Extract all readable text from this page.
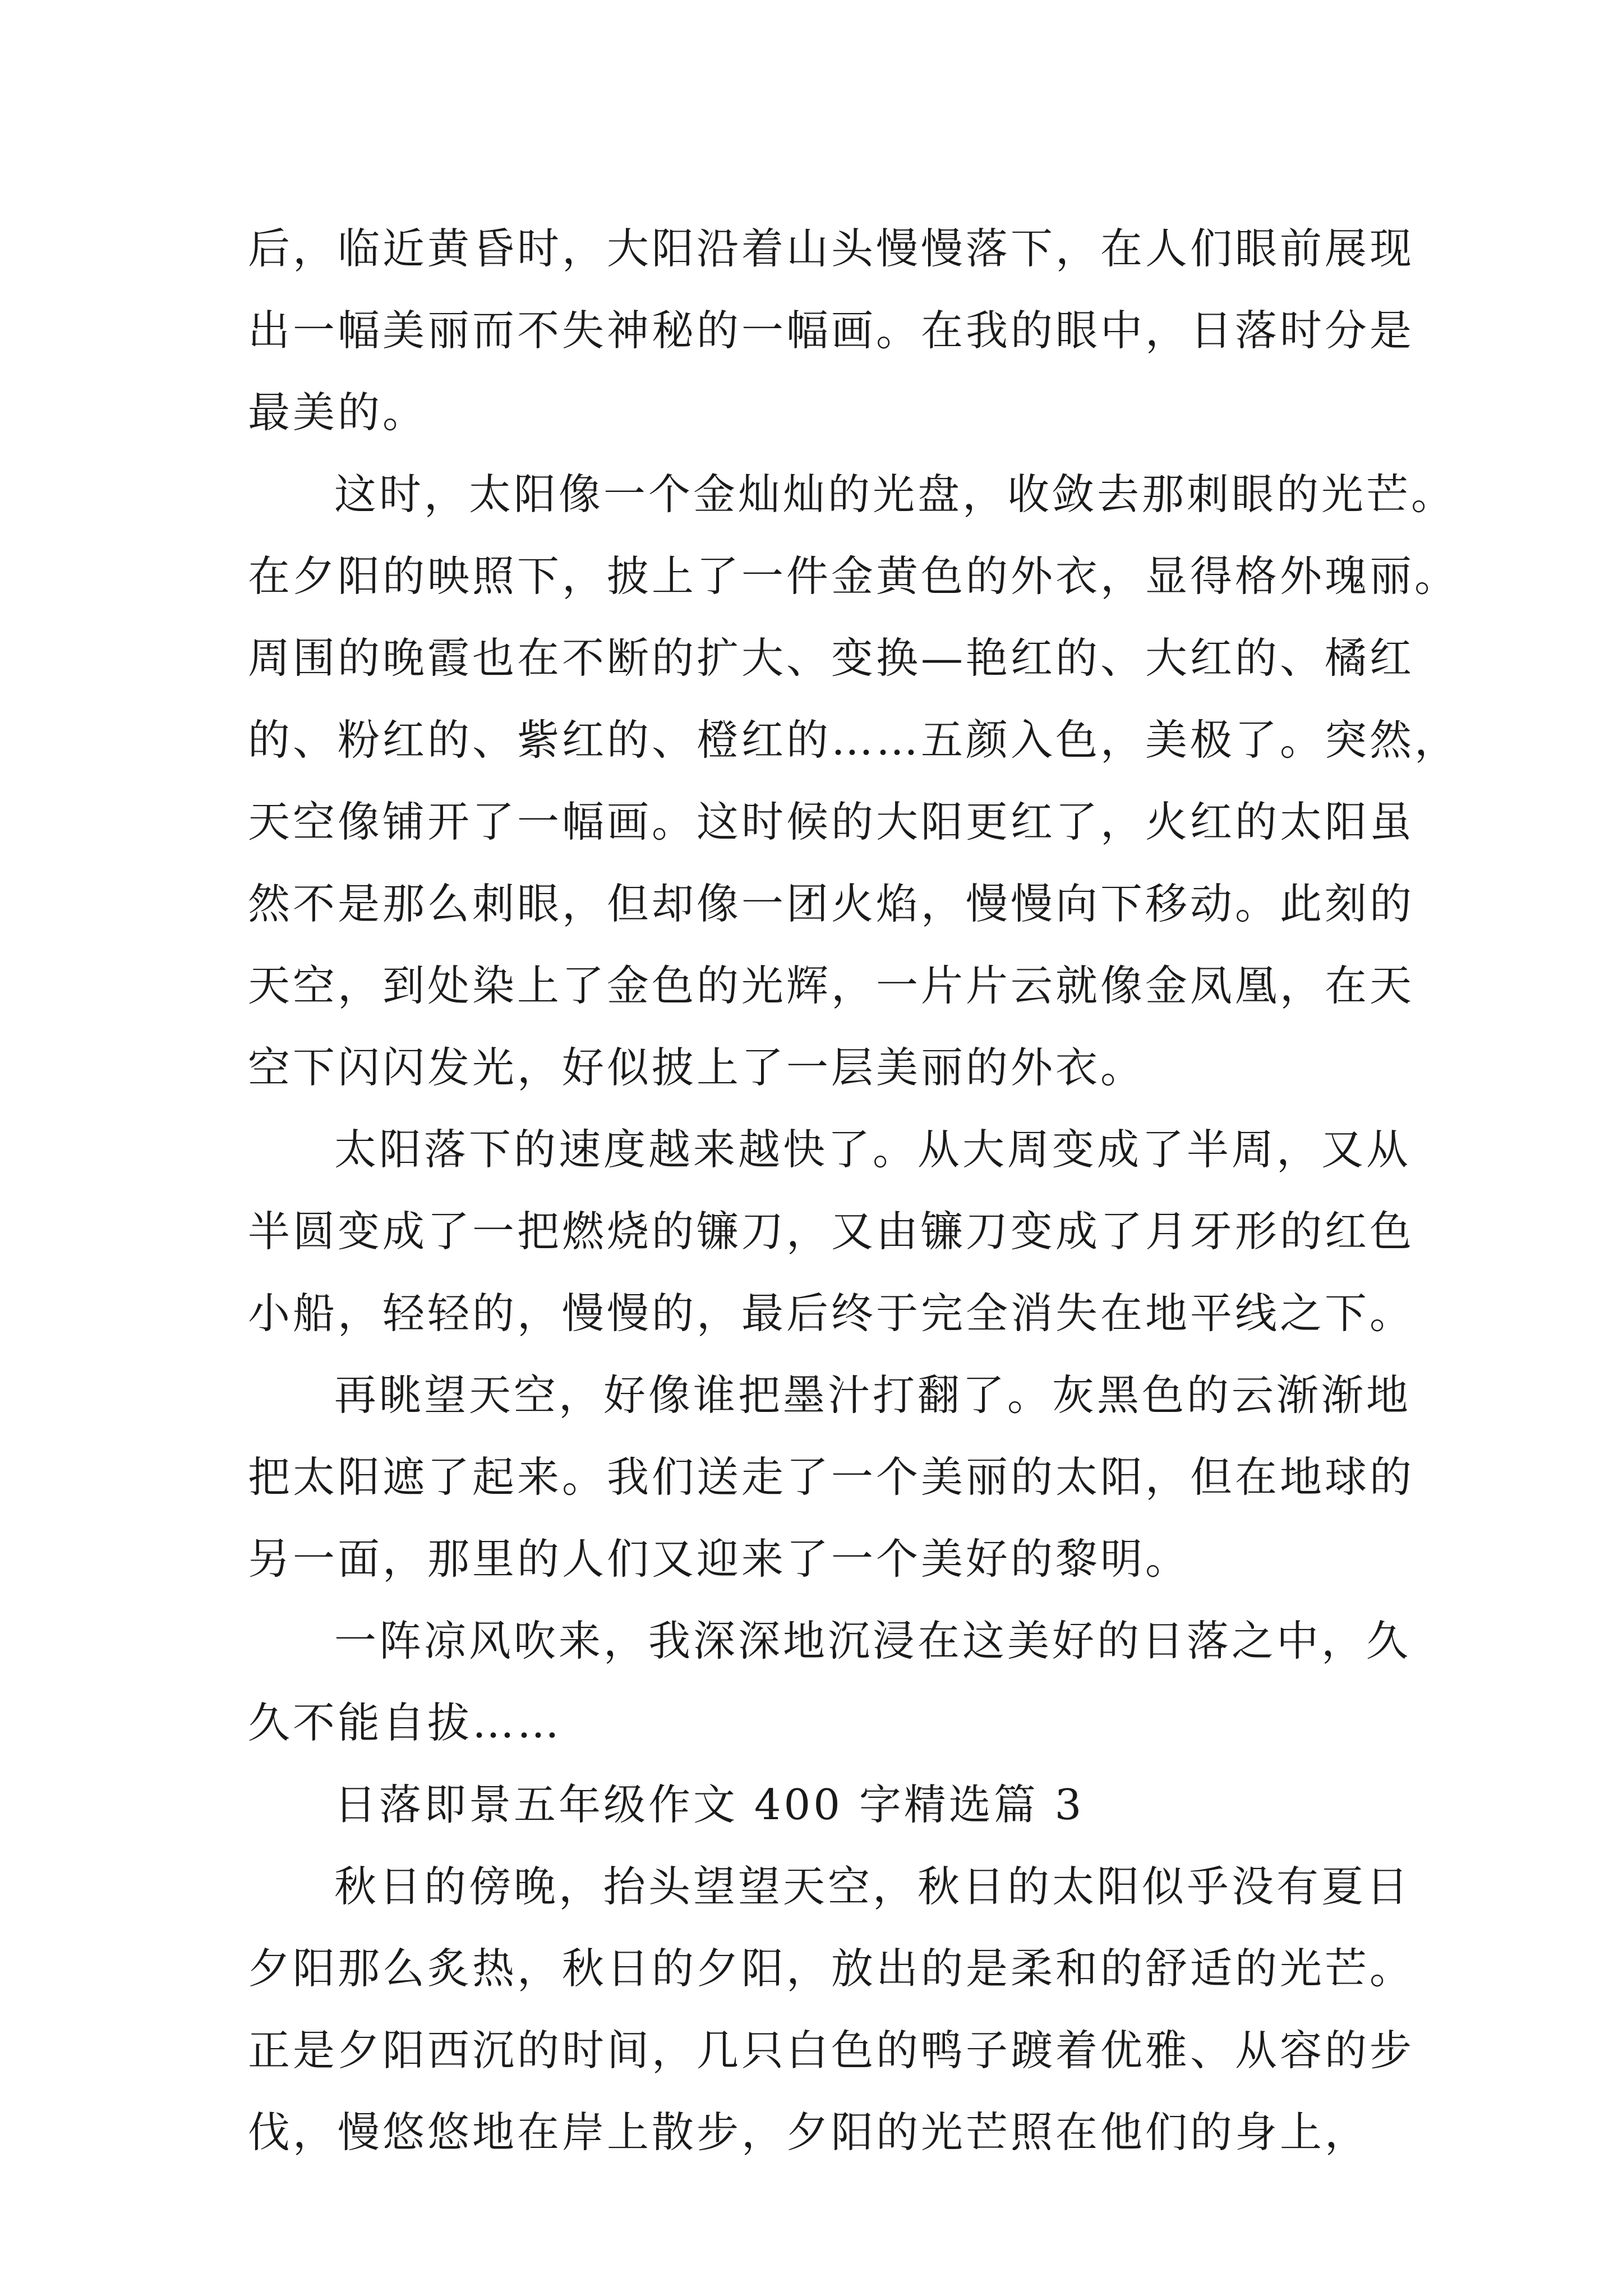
后，临近黄昏时，大阳沿着山头慢慢落下，在人们眼前展现
出一幅美丽而不失神秘的一幅画。在我的眼中，日落时分是
最美的。
这时，太阳像一个金灿灿的光盘，收敛去那刺眼的光芒。
在夕阳的映照下，披上了一件金黄色的外衣，显得格外瑰丽。
周围的晚霞也在不断的扩大、变换—艳红的、大红的、橘红
的、粉红的、紫红的、橙红的……五颜入色，美极了。突然，
天空像铺开了一幅画。这时候的大阳更红了，火红的太阳虽
然不是那么刺眼，但却像一团火焰，慢慢向下移动。此刻的
天空，到处染上了金色的光辉，一片片云就像金凤凰，在天
空下闪闪发光，好似披上了一层美丽的外衣。
太阳落下的速度越来越快了。从大周变成了半周，又从
半圆变成了一把燃烧的镰刀，又由镰刀变成了月牙形的红色
小船，轻轻的，慢慢的，最后终于完全消失在地平线之下。
再眺望天空，好像谁把墨汁打翻了。灰黑色的云渐渐地
把太阳遮了起来。我们送走了一个美丽的太阳，但在地球的
另一面，那里的人们又迎来了一个美好的黎明。
一阵凉风吹来，我深深地沉浸在这美好的日落之中，久
久不能自拔……
日落即景五年级作文 400 字精选篇 3
秋日的傍晚，抬头望望天空，秋日的太阳似乎没有夏日
夕阳那么炙热，秋日的夕阳，放出的是柔和的舒适的光芒。
正是夕阳西沉的时间，几只白色的鸭子踱着优雅、从容的步
伐，慢悠悠地在岸上散步，夕阳的光芒照在他们的身上，
